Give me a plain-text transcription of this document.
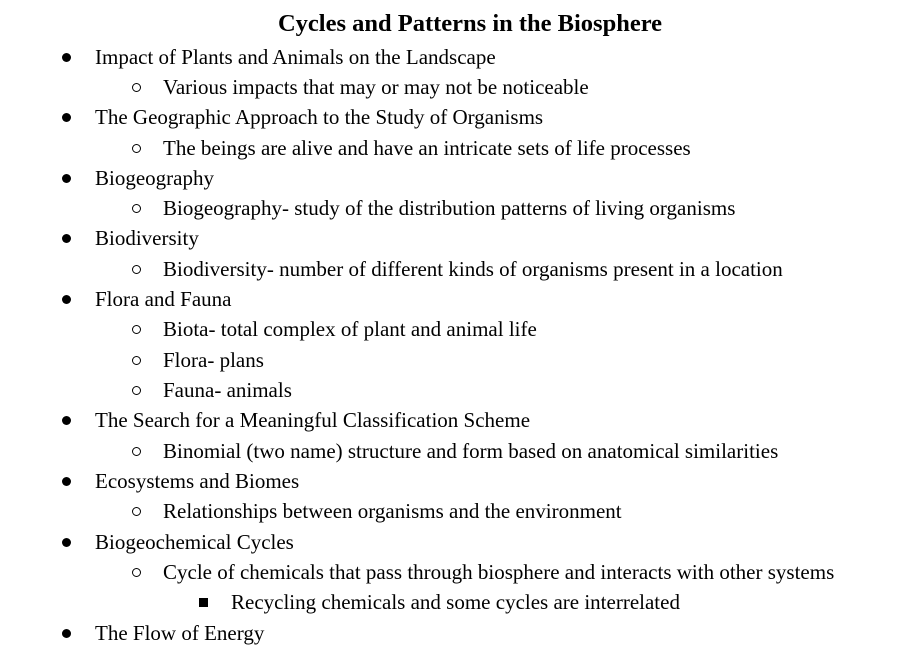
Cycles and Patterns in the Biosphere
Impact of Plants and Animals on the Landscape
Various impacts that may or may not be noticeable
The Geographic Approach to the Study of Organisms
The beings are alive and have an intricate sets of life processes
Biogeography
Biogeography- study of the distribution patterns of living organisms
Biodiversity
Biodiversity- number of different kinds of organisms present in a location
Flora and Fauna
Biota- total complex of plant and animal life
Flora- plans
Fauna- animals
The Search for a Meaningful Classification Scheme
Binomial (two name) structure and form based on anatomical similarities
Ecosystems and Biomes
Relationships between organisms and the environment
Biogeochemical Cycles
Cycle of chemicals that pass through biosphere and interacts with other systems
Recycling chemicals and some cycles are interrelated
The Flow of Energy
